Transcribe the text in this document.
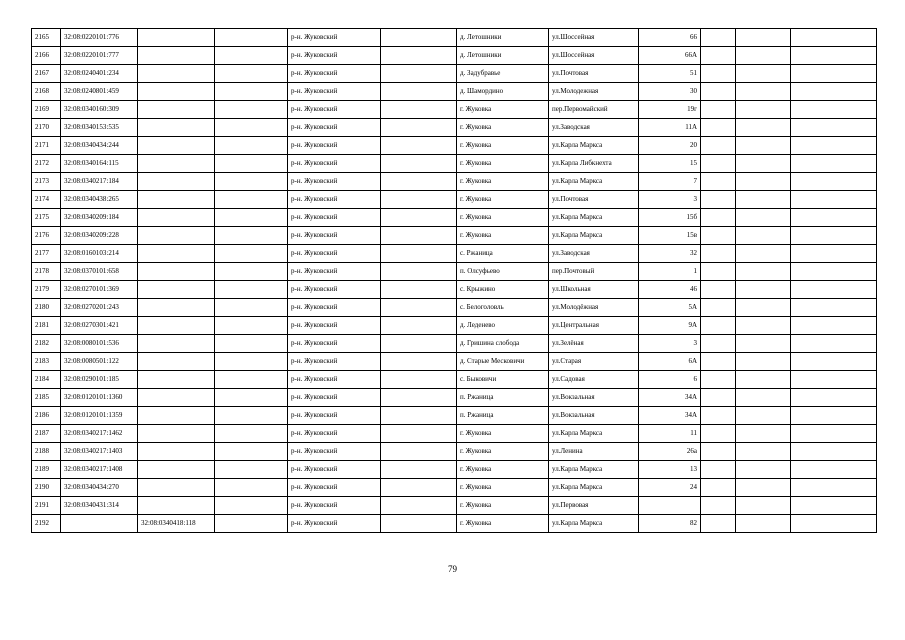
2165	32:08:0220101:776			р-н. Жуковский		д. Летошники	ул.Шоссейная	66			
2166	32:08:0220101:777			р-н. Жуковский		д. Летошники	ул.Шоссейная	66А			
2167	32:08:0240401:234			р-н. Жуковский		д. Задубравье	ул.Почтовая	51			
2168	32:08:0240801:459			р-н. Жуковский		д. Шамордино	ул.Молодежная	30			
2169	32:08:0340160:309			р-н. Жуковский		г. Жуковка	пер.Первомайский	19г			
2170	32:08:0340153:535			р-н. Жуковский		г. Жуковка	ул.Заводская	11А			
2171	32:08:0340434:244			р-н. Жуковский		г. Жуковка	ул.Карла Маркса	20			
2172	32:08:0340164:115			р-н. Жуковский		г. Жуковка	ул.Карла Либкнехта	15			
2173	32:08:0340217:184			р-н. Жуковский		г. Жуковка	ул.Карла Маркса	7			
2174	32:08:0340438:265			р-н. Жуковский		г. Жуковка	ул.Почтовая	3			
2175	32:08:0340209:184			р-н. Жуковский		г. Жуковка	ул.Карла Маркса	15б			
2176	32:08:0340209:228			р-н. Жуковский		г. Жуковка	ул.Карла Маркса	15в			
2177	32:08:0160103:214			р-н. Жуковский		с. Ржаница	ул.Заводская	32			
2178	32:08:0370101:658			р-н. Жуковский		п. Олсуфьево	пер.Почтовый	1			
2179	32:08:0270101:369			р-н. Жуковский		с. Крыжино	ул.Школьная	46			
2180	32:08:0270201:243			р-н. Жуковский		с. Белоголовль	ул.Молодёжная	5А			
2181	32:08:0270301:421			р-н. Жуковский		д. Леденево	ул.Центральная	9А			
2182	32:08:0080101:536			р-н. Жуковский		д. Гришина слобода	ул.Зелёная	3			
2183	32:08:0080501:122			р-н. Жуковский		д. Старые Месковичи	ул.Старая	6А			
2184	32:08:0290101:185			р-н. Жуковский		с. Быковичи	ул.Садовая	6			
2185	32:08:0120101:1360			р-н. Жуковский		п. Ржаница	ул.Вокзальная	34А			
2186	32:08:0120101:1359			р-н. Жуковский		п. Ржаница	ул.Вокзальная	34А			
2187	32:08:0340217:1462			р-н. Жуковский		г. Жуковка	ул.Карла Маркса	11			
2188	32:08:0340217:1403			р-н. Жуковский		г. Жуковка	ул.Ленина	26а			
2189	32:08:0340217:1408			р-н. Жуковский		г. Жуковка	ул.Карла Маркса	13			
2190	32:08:0340434:270			р-н. Жуковский		г. Жуковка	ул.Карла Маркса	24			
2191	32:08:0340431:314			р-н. Жуковский		г. Жуковка	ул.Первовая				
2192		32:08:0340418:118		р-н. Жуковский		г. Жуковка	ул.Карла Маркса	82			
79
